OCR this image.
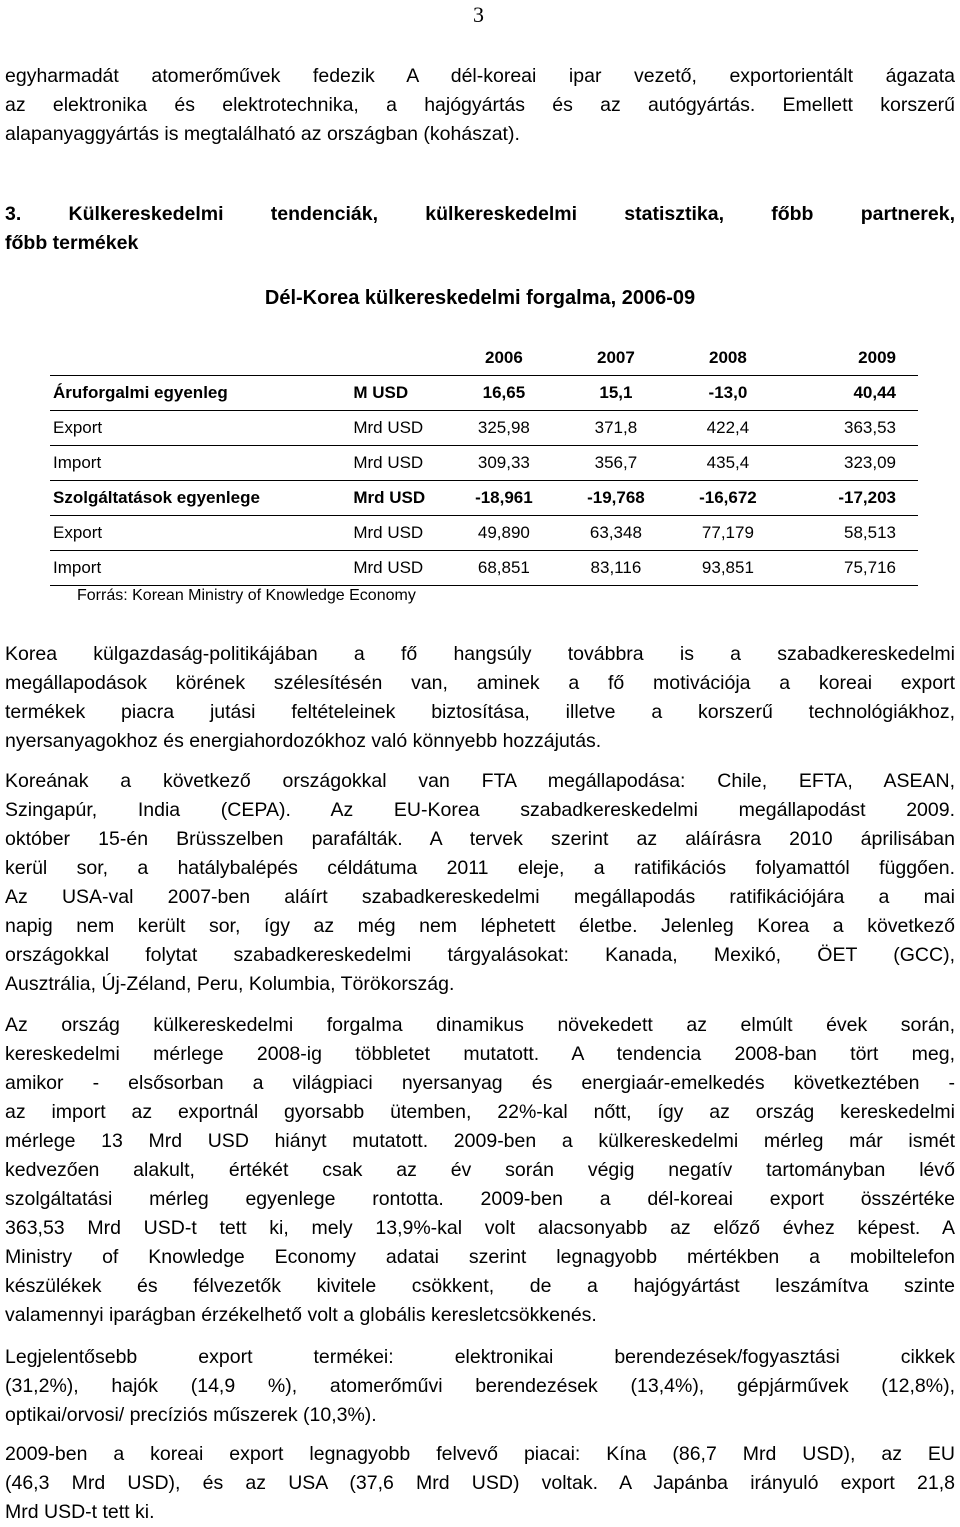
3
egyharmadát atomerőművek fedezik A dél-koreai ipar vezető, exportorientált ágazata
az elektronika és elektrotechnika, a hajógyártás és az autógyártás. Emellett korszerű
alapanyaggyártás is megtalálható az országban (kohászat).
3. Külkereskedelmi tendenciák, külkereskedelmi statisztika, főbb partnerek,
főbb termékek
Dél-Korea külkereskedelmi forgalma, 2006-09
		2006	2007	2008	2009
Áruforgalmi egyenleg	M USD	16,65	15,1	-13,0	40,44
Export	Mrd USD	325,98	371,8	422,4	363,53
Import	Mrd USD	309,33	356,7	435,4	323,09
Szolgáltatások egyenlege	Mrd USD	-18,961	-19,768	-16,672	-17,203
Export	Mrd USD	49,890	63,348	77,179	58,513
Import	Mrd USD	68,851	83,116	93,851	75,716
Forrás: Korean Ministry of Knowledge Economy
Korea külgazdaság-politikájában a fő hangsúly továbbra is a szabadkereskedelmi
megállapodások körének szélesítésén van, aminek a fő motivációja a koreai export
termékek piacra jutási feltételeinek biztosítása, illetve a korszerű technológiákhoz,
nyersanyagokhoz és energiahordozókhoz való könnyebb hozzájutás.
Koreának a következő országokkal van FTA megállapodása: Chile, EFTA, ASEAN,
Szingapúr, India (CEPA). Az EU-Korea szabadkereskedelmi megállapodást 2009.
október 15-én Brüsszelben parafálták. A tervek szerint az aláírásra 2010 áprilisában
kerül sor, a hatálybalépés céldátuma 2011 eleje, a ratifikációs folyamattól függően.
Az USA-val 2007-ben aláírt szabadkereskedelmi megállapodás ratifikációjára a mai
napig nem került sor, így az még nem léphetett életbe. Jelenleg Korea a következő
országokkal folytat szabadkereskedelmi tárgyalásokat: Kanada, Mexikó, ÖET (GCC),
Ausztrália, Új-Zéland, Peru, Kolumbia, Törökország.
Az ország külkereskedelmi forgalma dinamikus növekedett az elmúlt évek során,
kereskedelmi mérlege 2008-ig többletet mutatott. A tendencia 2008-ban tört meg,
amikor - elsősorban a világpiaci nyersanyag és energiaár-emelkedés következtében -
az import az exportnál gyorsabb ütemben, 22%-kal nőtt, így az ország kereskedelmi
mérlege 13 Mrd USD hiányt mutatott. 2009-ben a külkereskedelmi mérleg már ismét
kedvezően alakult, értékét csak az év során végig negatív tartományban lévő
szolgáltatási mérleg egyenlege rontotta. 2009-ben a dél-koreai export összértéke
363,53 Mrd USD-t tett ki, mely 13,9%-kal volt alacsonyabb az előző évhez képest. A
Ministry of Knowledge Economy adatai szerint legnagyobb mértékben a mobiltelefon
készülékek és félvezetők kivitele csökkent, de a hajógyártást leszámítva szinte
valamennyi iparágban érzékelhető volt a globális keresletcsökkenés.
Legjelentősebb export termékei: elektronikai berendezések/fogyasztási cikkek
(31,2%), hajók (14,9 %), atomerőművi berendezések (13,4%), gépjárművek (12,8%),
optikai/orvosi/ precíziós műszerek (10,3%).
2009-ben a koreai export legnagyobb felvevő piacai: Kína (86,7 Mrd USD), az EU
(46,3 Mrd USD), és az USA (37,6 Mrd USD) voltak. A Japánba irányuló export 21,8
Mrd USD-t tett ki.
